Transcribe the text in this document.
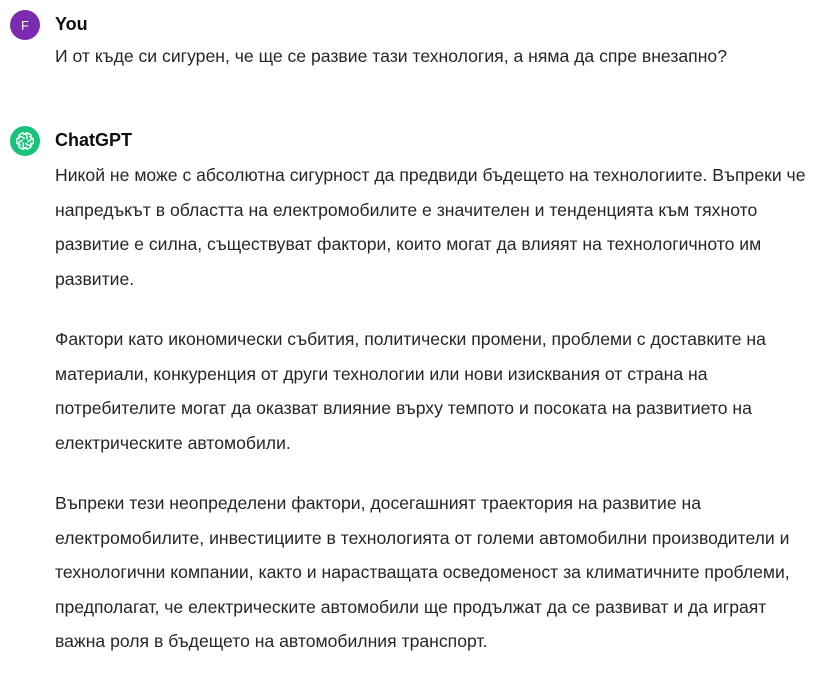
F You
И от къде си сигурен, че ще се развие тази технология, а няма да спре внезапно?
ChatGPT

Никой не може с абсолютна сигурност да предвиди бъдещето на технологиите. Въпреки че напредъкът в областта на електромобилите е значителен и тенденцията към тяхното развитие е силна, съществуват фактори, които могат да влияят на технологичното им развитие.

Фактори като икономически събития, политически промени, проблеми с доставките на материали, конкуренция от други технологии или нови изисквания от страна на потребителите могат да оказват влияние върху темпото и посоката на развитието на електрическите автомобили.

Въпреки тези неопределени фактори, досегашният траектория на развитие на електромобилите, инвестициите в технологията от големи автомобилни производители и технологични компании, както и нарастващата осведоменост за климатичните проблеми, предполагат, че електрическите автомобили ще продължат да се развиват и да играят важна роля в бъдещето на автомобилния транспорт.
